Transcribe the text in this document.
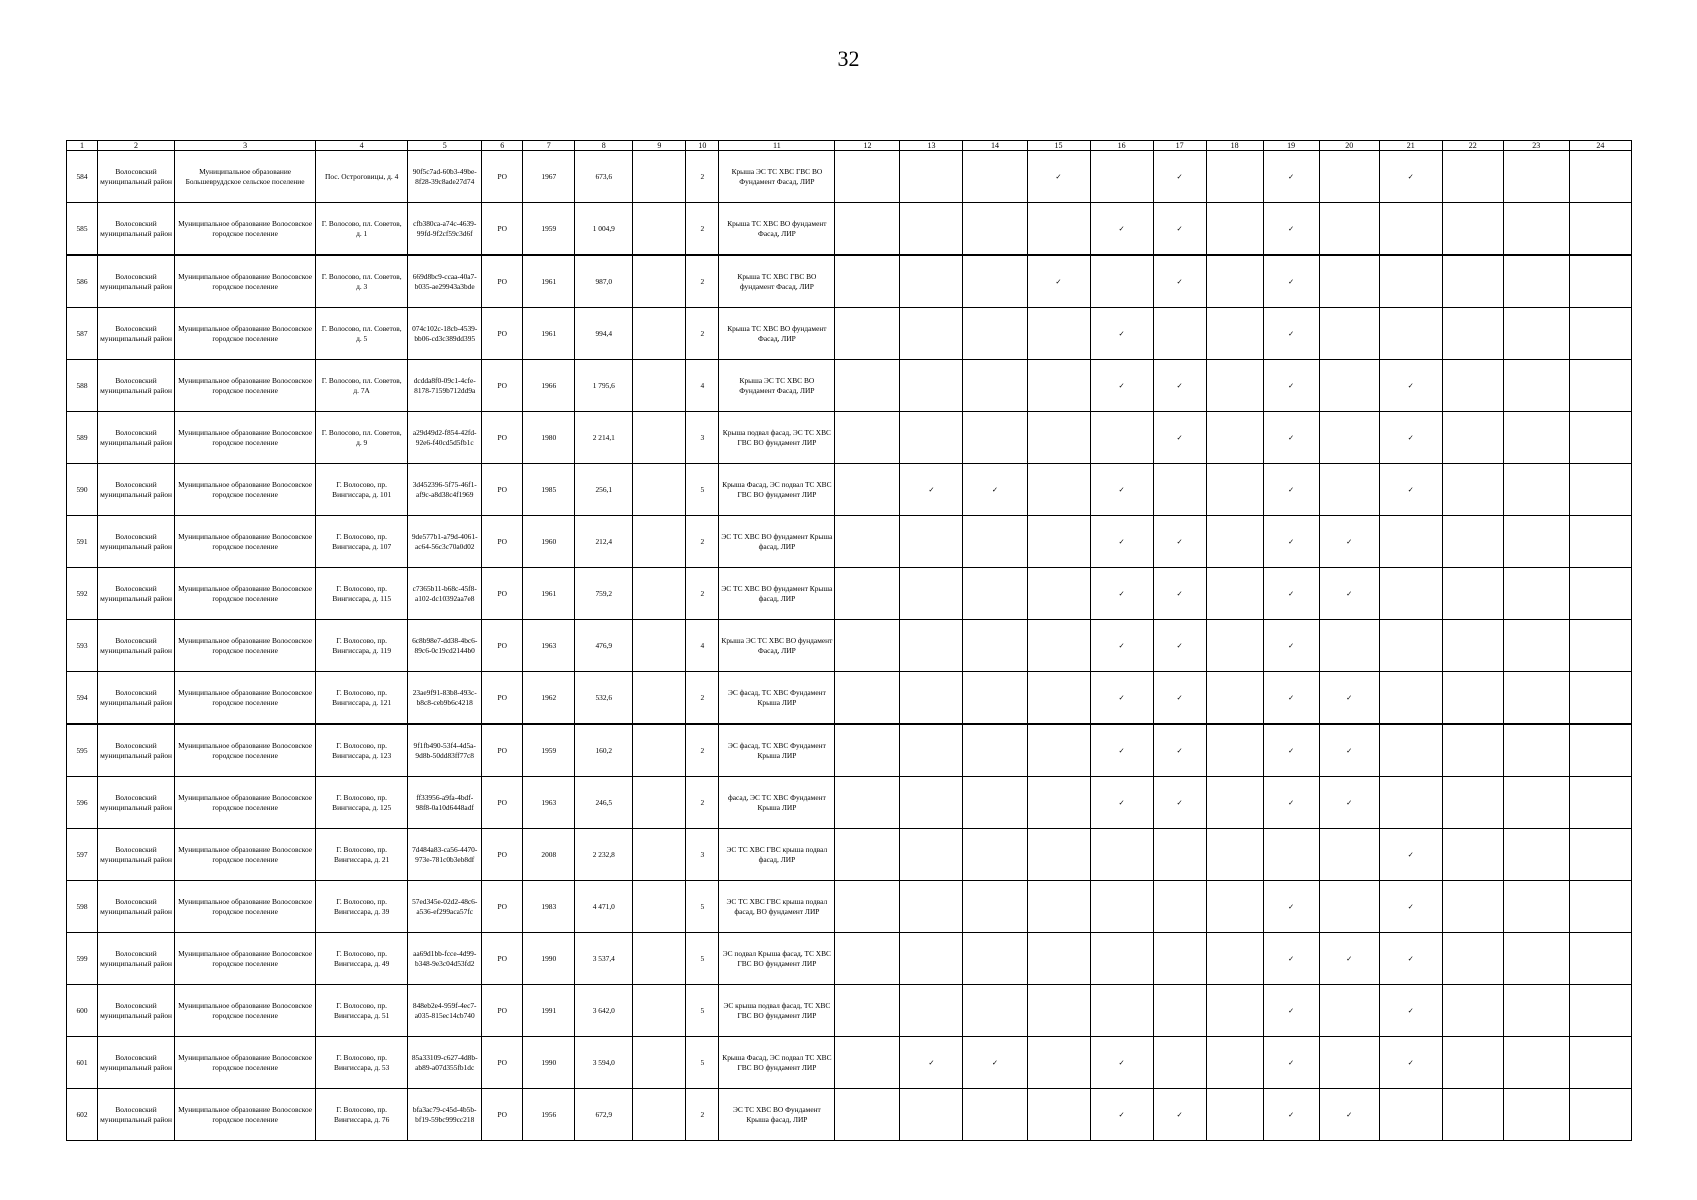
32
1	2	3	4	5	6	7	8	9	10	11	12	13	14	15	16	17	18	19	20	21	22	23	24
584	Волосовский муниципальный район	Муниципальное образование Большевруддское сельское поселение	Пос. Остроговицы, д. 4	90f5c7ad-60b3-49be-8f28-39c8ade27d74	РО	1967	673,6		2	Крыша ЭС ТС ХВС ГВС ВО Фундамент Фасад, ЛИР				✓		✓		✓		✓			
585	Волосовский муниципальный район	Муниципальное образование Волосовское городское поселение	Г. Волосово, пл. Советов, д. 1	cfb380ca-a74c-4639-99fd-9f2cf59c3d6f	РО	1959	1 004,9		2	Крыша ТС ХВС ВО фундамент Фасад, ЛИР					✓	✓		✓					
586	Волосовский муниципальный район	Муниципальное образование Волосовское городское поселение	Г. Волосово, пл. Советов, д. 3	669d8bc9-ccaa-40a7-b035-ae29943a3bde	РО	1961	987,0		2	Крыша ТС ХВС ГВС ВО фундамент Фасад, ЛИР				✓		✓		✓					
587	Волосовский муниципальный район	Муниципальное образование Волосовское городское поселение	Г. Волосово, пл. Советов, д. 5	074c102c-18cb-4539-bb06-cd3c389dd395	РО	1961	994,4		2	Крыша ТС ХВС ВО фундамент Фасад, ЛИР					✓			✓					
588	Волосовский муниципальный район	Муниципальное образование Волосовское городское поселение	Г. Волосово, пл. Советов, д. 7А	dcdda8f0-09c1-4cfe-8178-7159b712dd9a	РО	1966	1 795,6		4	Крыша ЭС ТС ХВС ВО Фундамент Фасад, ЛИР					✓	✓		✓		✓			
589	Волосовский муниципальный район	Муниципальное образование Волосовское городское поселение	Г. Волосово, пл. Советов, д. 9	a29d49d2-f854-42fd-92e6-f40cd5d5fb1c	РО	1980	2 214,1		3	Крыша подвал фасад, ЭС ТС ХВС ГВС ВО фундамент ЛИР						✓		✓		✓			
590	Волосовский муниципальный район	Муниципальное образование Волосовское городское поселение	Г. Волосово, пр. Вингиссара, д. 101	3d452396-5f75-46f1-af9c-a8d38c4f1969	РО	1985	256,1		5	Крыша Фасад, ЭС подвал ТС ХВС ГВС ВО фундамент ЛИР		✓	✓		✓			✓		✓			
591	Волосовский муниципальный район	Муниципальное образование Волосовское городское поселение	Г. Волосово, пр. Вингиссара, д. 107	9de577b1-a79d-4061-ac64-56c3c70a0d02	РО	1960	212,4		2	ЭС ТС ХВС ВО фундамент Крыша фасад, ЛИР					✓	✓		✓	✓				
592	Волосовский муниципальный район	Муниципальное образование Волосовское городское поселение	Г. Волосово, пр. Вингиссара, д. 115	c7365b11-b68c-45f8-a102-dc10392aa7e8	РО	1961	759,2		2	ЭС ТС ХВС ВО фундамент Крыша фасад, ЛИР					✓	✓		✓	✓				
593	Волосовский муниципальный район	Муниципальное образование Волосовское городское поселение	Г. Волосово, пр. Вингиссара, д. 119	6c8b98e7-dd38-4bc6-89c6-0c19cd2144b0	РО	1963	476,9		4	Крыша ЭС ТС ХВС ВО фундамент Фасад, ЛИР					✓	✓		✓					
594	Волосовский муниципальный район	Муниципальное образование Волосовское городское поселение	Г. Волосово, пр. Вингиссара, д. 121	23ae9f91-83b8-493c-b8c8-ceb9b6c4218	РО	1962	532,6		2	ЭС фасад, ТС ХВС Фундамент Крыша ЛИР					✓	✓		✓	✓				
595	Волосовский муниципальный район	Муниципальное образование Волосовское городское поселение	Г. Волосово, пр. Вингиссара, д. 123	9f1fb490-53f4-4d5a-9d8b-50dd83ff77c8	РО	1959	160,2		2	ЭС фасад, ТС ХВС Фундамент Крыша ЛИР					✓	✓		✓	✓				
596	Волосовский муниципальный район	Муниципальное образование Волосовское городское поселение	Г. Волосово, пр. Вингиссара, д. 125	ff33956-a9fa-4bdf-98f8-0a10d6448adf	РО	1963	246,5		2	фасад, ЭС ТС ХВС Фундамент Крыша ЛИР					✓	✓		✓	✓				
597	Волосовский муниципальный район	Муниципальное образование Волосовское городское поселение	Г. Волосово, пр. Вингиссара, д. 21	7d484a83-ca56-4470-973e-781c0b3eb8df	РО	2008	2 232,8		3	ЭС ТС ХВС ГВС крыша подвал фасад, ЛИР										✓			
598	Волосовский муниципальный район	Муниципальное образование Волосовское городское поселение	Г. Волосово, пр. Вингиссара, д. 39	57ed345e-02d2-48c6-a536-ef299aca57fc	РО	1983	4 471,0		5	ЭС ТС ХВС ГВС крыша подвал фасад, ВО фундамент ЛИР								✓		✓			
599	Волосовский муниципальный район	Муниципальное образование Волосовское городское поселение	Г. Волосово, пр. Вингиссара, д. 49	aa69d1bb-fcce-4d99-b348-9e3c04d53fd2	РО	1990	3 537,4		5	ЭС подвал Крыша фасад, ТС ХВС ГВС ВО фундамент ЛИР								✓	✓	✓			
600	Волосовский муниципальный район	Муниципальное образование Волосовское городское поселение	Г. Волосово, пр. Вингиссара, д. 51	848eb2e4-959f-4ec7-a035-815ec14cb740	РО	1991	3 642,0		5	ЭС крыша подвал фасад, ТС ХВС ГВС ВО фундамент ЛИР								✓		✓			
601	Волосовский муниципальный район	Муниципальное образование Волосовское городское поселение	Г. Волосово, пр. Вингиссара, д. 53	85a33109-c627-4d8b-ab89-a07d355fb1dc	РО	1990	3 594,0		5	Крыша Фасад, ЭС подвал ТС ХВС ГВС ВО фундамент ЛИР		✓	✓		✓			✓		✓			
602	Волосовский муниципальный район	Муниципальное образование Волосовское городское поселение	Г. Волосово, пр. Вингиссара, д. 76	bfa3ac79-c45d-4b5b-bf19-59bc999cc218	РО	1956	672,9		2	ЭС ТС ХВС ВО Фундамент Крыша фасад, ЛИР					✓	✓		✓	✓				
